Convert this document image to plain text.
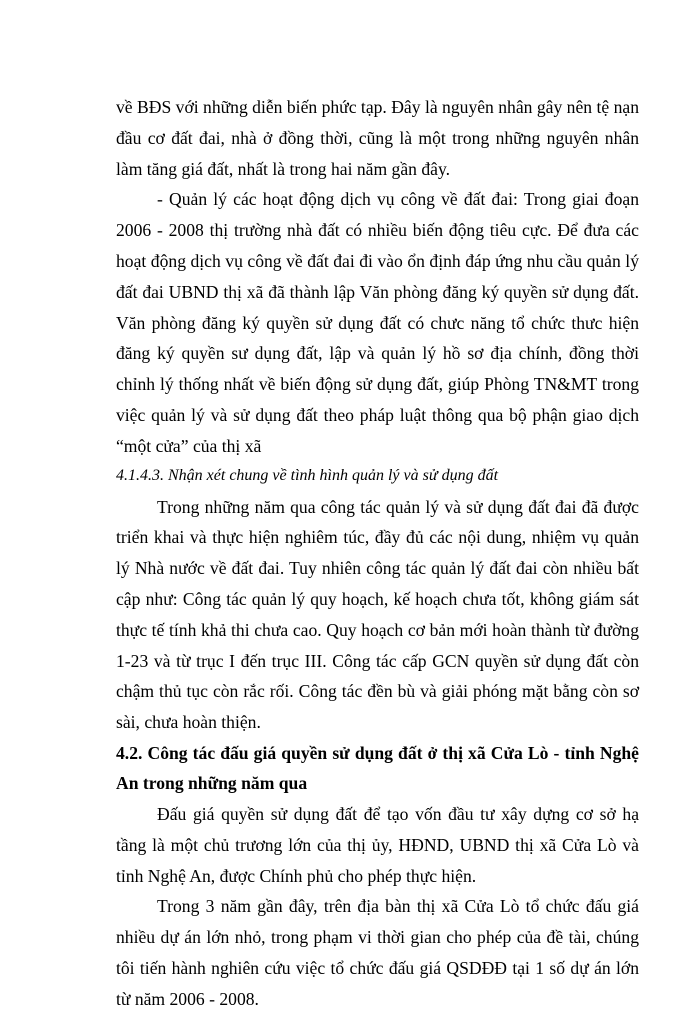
về BĐS với những diễn biến phức tạp. Đây là nguyên nhân gây nên tệ nạn đầu cơ đất đai, nhà ở đồng thời, cũng là một trong những nguyên nhân làm tăng giá đất, nhất là trong hai năm gần đây.

- Quản lý các hoạt động dịch vụ công về đất đai: Trong giai đoạn 2006 - 2008 thị trường nhà đất có nhiều biến động tiêu cực. Để đưa các hoạt động dịch vụ công về đất đai đi vào ổn định đáp ứng nhu cầu quản lý đất đai UBND thị xã đã thành lập Văn phòng đăng ký quyền sử dụng đất. Văn phòng đăng ký quyền sử dụng đất có chưc năng tổ chức thưc hiện đăng ký quyền sư dụng đất, lập và quản lý hồ sơ địa chính, đồng thời chỉnh lý thống nhất về biến động sử dụng đất, giúp Phòng TN&MT trong việc quản lý và sử dụng đất theo pháp luật thông qua bộ phận giao dịch “một cửa” của thị xã

4.1.4.3. Nhận xét chung về tình hình quản lý và sử dụng đất

Trong những năm qua công tác quản lý và sử dụng đất đai đã được triển khai và thực hiện nghiêm túc, đầy đủ các nội dung, nhiệm vụ quản lý Nhà nước về đất đai. Tuy nhiên công tác quản lý đất đai còn nhiều bất cập như: Công tác quản lý quy hoạch, kế hoạch chưa tốt, không giám sát thực tế tính khả thi chưa cao. Quy hoạch cơ bản mới hoàn thành từ đường 1-23 và từ trục I đến trục III. Công tác cấp GCN quyền sử dụng đất còn chậm thủ tục còn rắc rối. Công tác đền bù và giải phóng mặt bằng còn sơ sài, chưa hoàn thiện.

4.2. Công tác đấu giá quyền sử dụng đất ở thị xã Cửa Lò - tỉnh Nghệ An trong những năm qua

Đấu giá quyền sử dụng đất để tạo vốn đầu tư xây dựng cơ sở hạ tầng là một chủ trương lớn của thị ủy, HĐND, UBND thị xã Cửa Lò và tỉnh Nghệ An, được Chính phủ cho phép thực hiện.

Trong 3 năm gần đây, trên địa bàn thị xã Cửa Lò tổ chức đấu giá nhiều dự án lớn nhỏ, trong phạm vi thời gian cho phép của đề tài, chúng tôi tiến hành nghiên cứu việc tổ chức đấu giá QSDĐĐ tại 1 số dự án lớn từ năm 2006 - 2008.
